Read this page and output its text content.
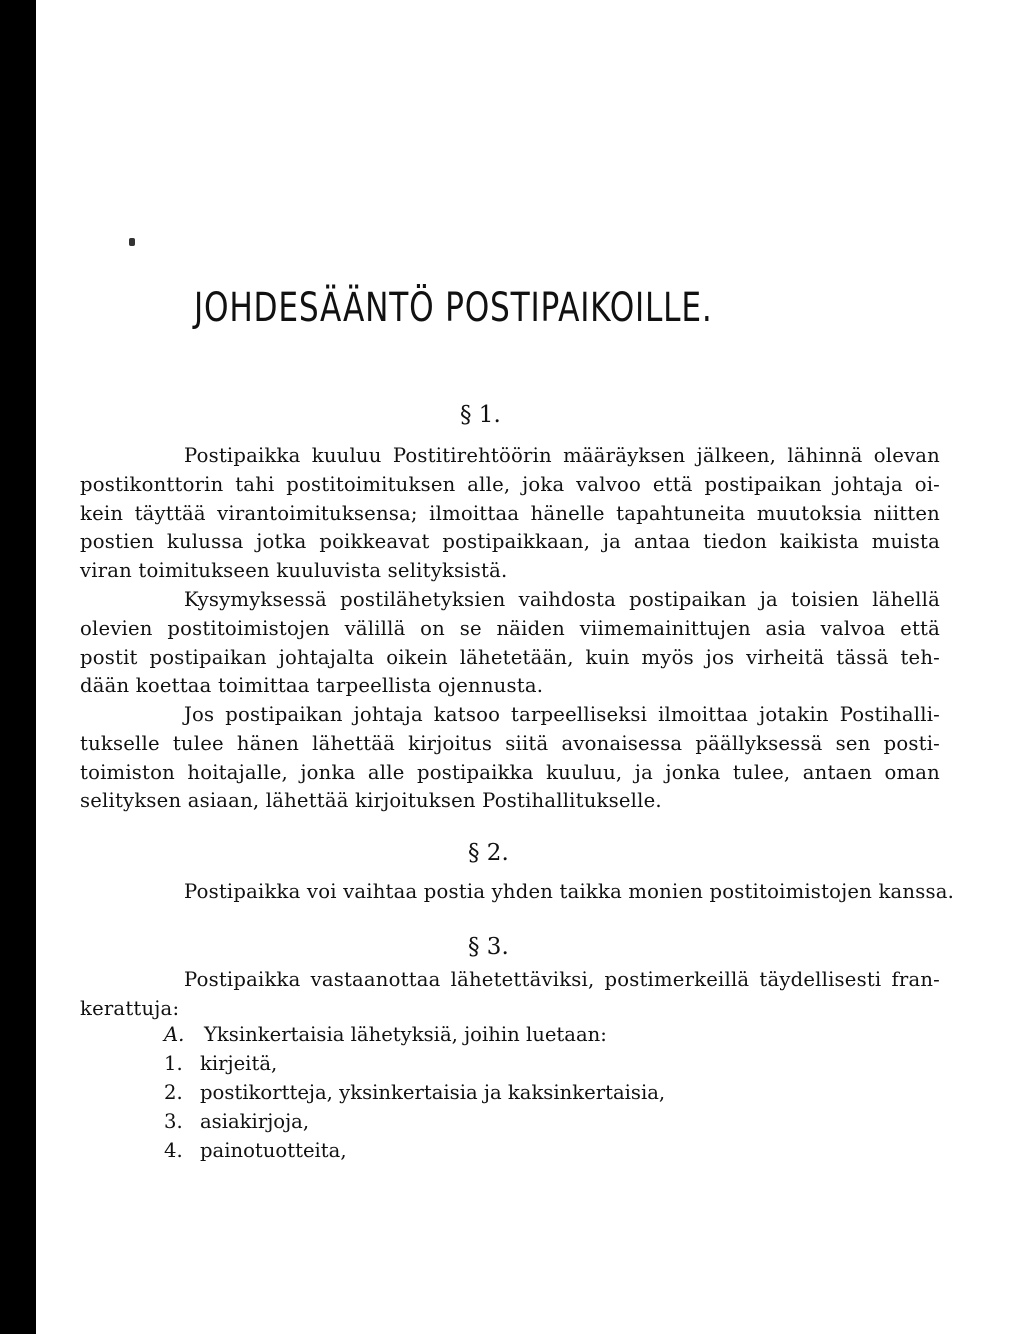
JOHDESÄÄNTÖ POSTIPAIKOILLE.
§ 1.

Postipaikka kuuluu Postitirehtöörin määräyksen jälkeen, lähinnä olevan
postikonttorin tahi postitoimituksen alle, joka valvoo että postipaikan johtaja oi-
kein täyttää virantoimituksensa; ilmoittaa hänelle tapahtuneita muutoksia niitten
postien kulussa jotka poikkeavat postipaikkaan, ja antaa tiedon kaikista muista
viran toimitukseen kuuluvista selityksistä.

Kysymyksessä postilähetyksien vaihdosta postipaikan ja toisien lähellä
olevien postitoimistojen välillä on se näiden viimemainittujen asia valvoa että
postit postipaikan johtajalta oikein lähetetään, kuin myös jos virheitä tässä teh-
dään koettaa toimittaa tarpeellista ojennusta.

Jos postipaikan johtaja katsoo tarpeelliseksi ilmoittaa jotakin Postihalli-
tukselle tulee hänen lähettää kirjoitus siitä avonaisessa päällyksessä sen posti-
toimiston hoitajalle, jonka alle postipaikka kuuluu, ja jonka tulee, antaen oman
selityksen asiaan, lähettää kirjoituksen Postihallitukselle.

§ 2.

Postipaikka voi vaihtaa postia yhden taikka monien postitoimistojen kanssa.

§ 3.

Postipaikka vastaanottaa lähetettäviksi, postimerkeillä täydellisesti fran-
kerattuja:

A. Yksinkertaisia lähetyksiä, joihin luetaan:
1. kirjeitä,
2. postikortteja, yksinkertaisia ja kaksinkertaisia,
3. asiakirjoja,
4. painotuotteita,
